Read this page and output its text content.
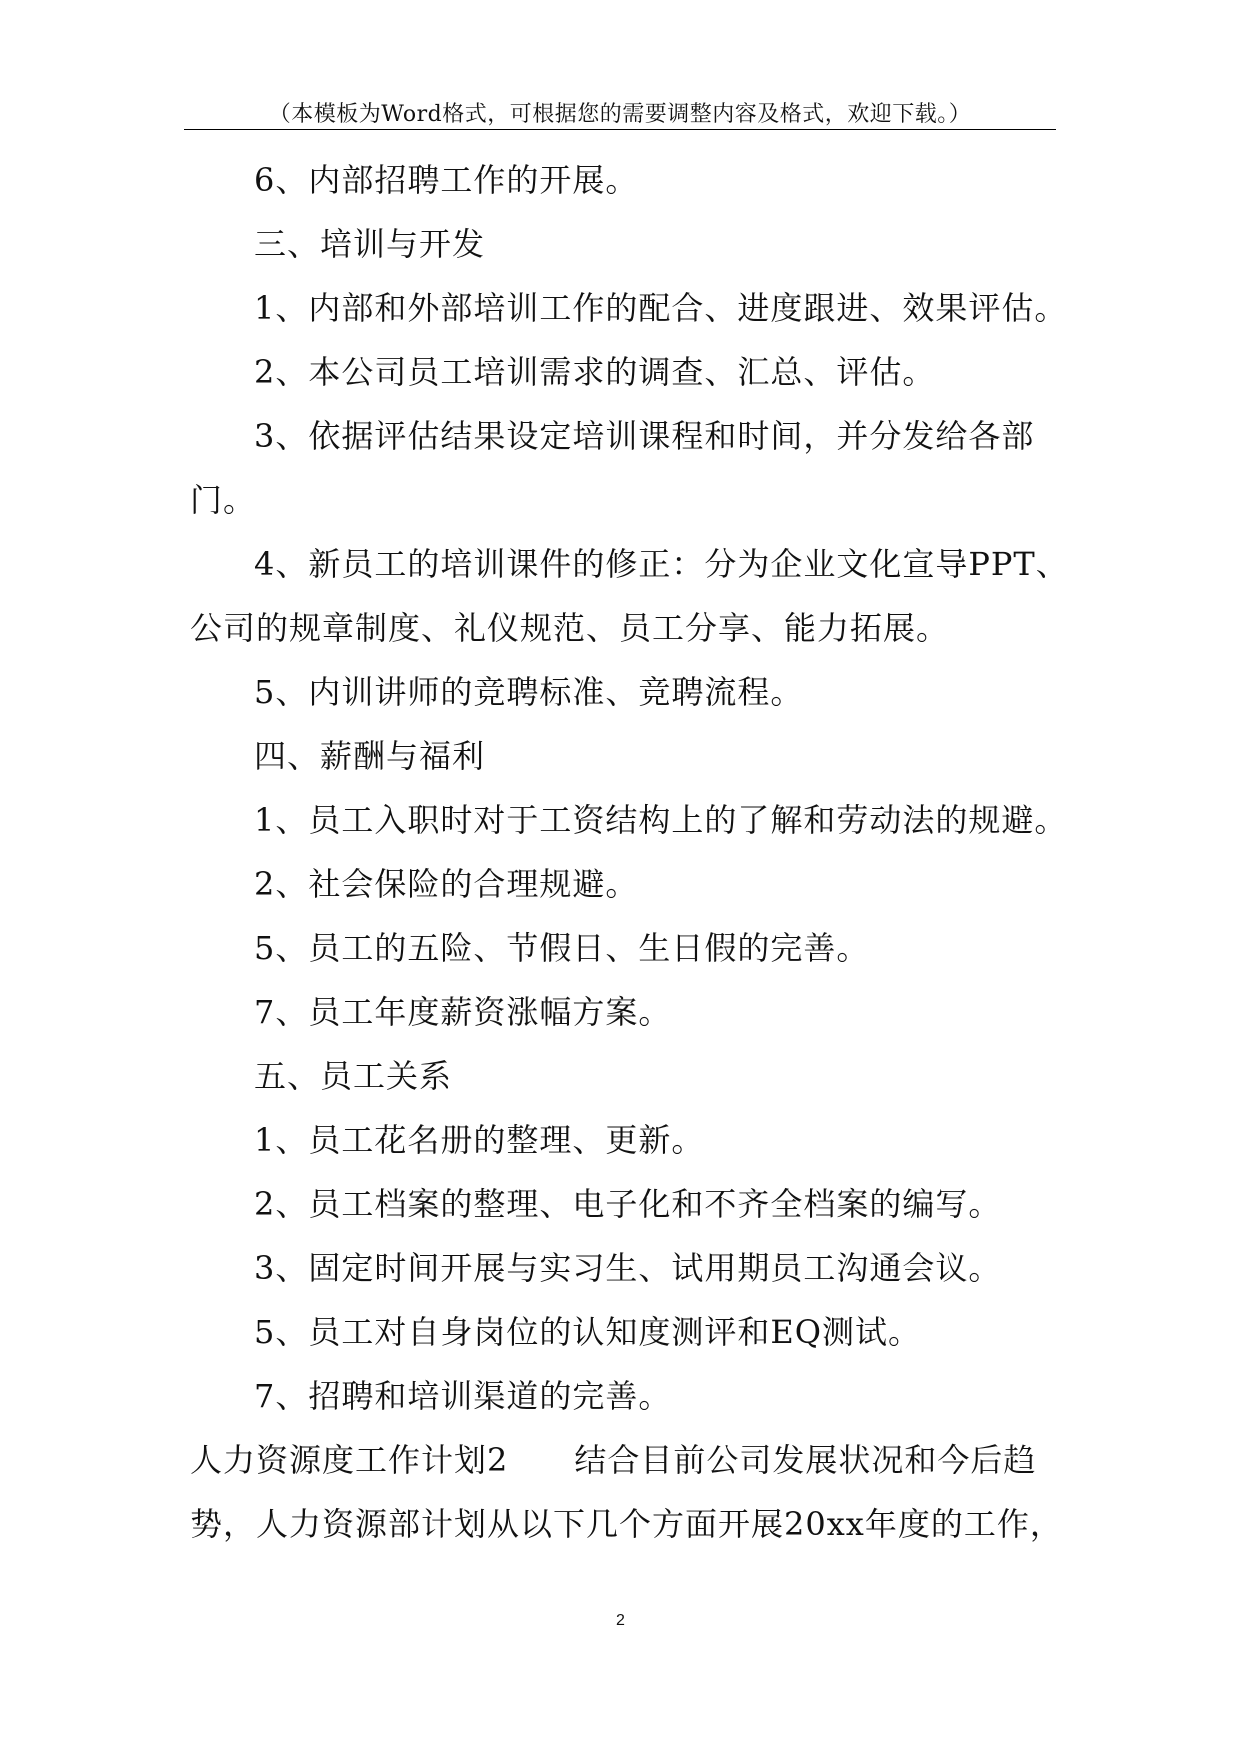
（本模板为Word格式，可根据您的需要调整内容及格式，欢迎下载。）
6、内部招聘工作的开展。
三、培训与开发
1、内部和外部培训工作的配合、进度跟进、效果评估。
2、本公司员工培训需求的调查、汇总、评估。
3、依据评估结果设定培训课程和时间，并分发给各部
门。
4、新员工的培训课件的修正：分为企业文化宣导PPT、
公司的规章制度、礼仪规范、员工分享、能力拓展。
5、内训讲师的竞聘标准、竞聘流程。
四、薪酬与福利
1、员工入职时对于工资结构上的了解和劳动法的规避。
2、社会保险的合理规避。
5、员工的五险、节假日、生日假的完善。
7、员工年度薪资涨幅方案。
五、员工关系
1、员工花名册的整理、更新。
2、员工档案的整理、电子化和不齐全档案的编写。
3、固定时间开展与实习生、试用期员工沟通会议。
5、员工对自身岗位的认知度测评和EQ测试。
7、招聘和培训渠道的完善。
人力资源度工作计划2　　结合目前公司发展状况和今后趋
势，人力资源部计划从以下几个方面开展20xx年度的工作，
2
